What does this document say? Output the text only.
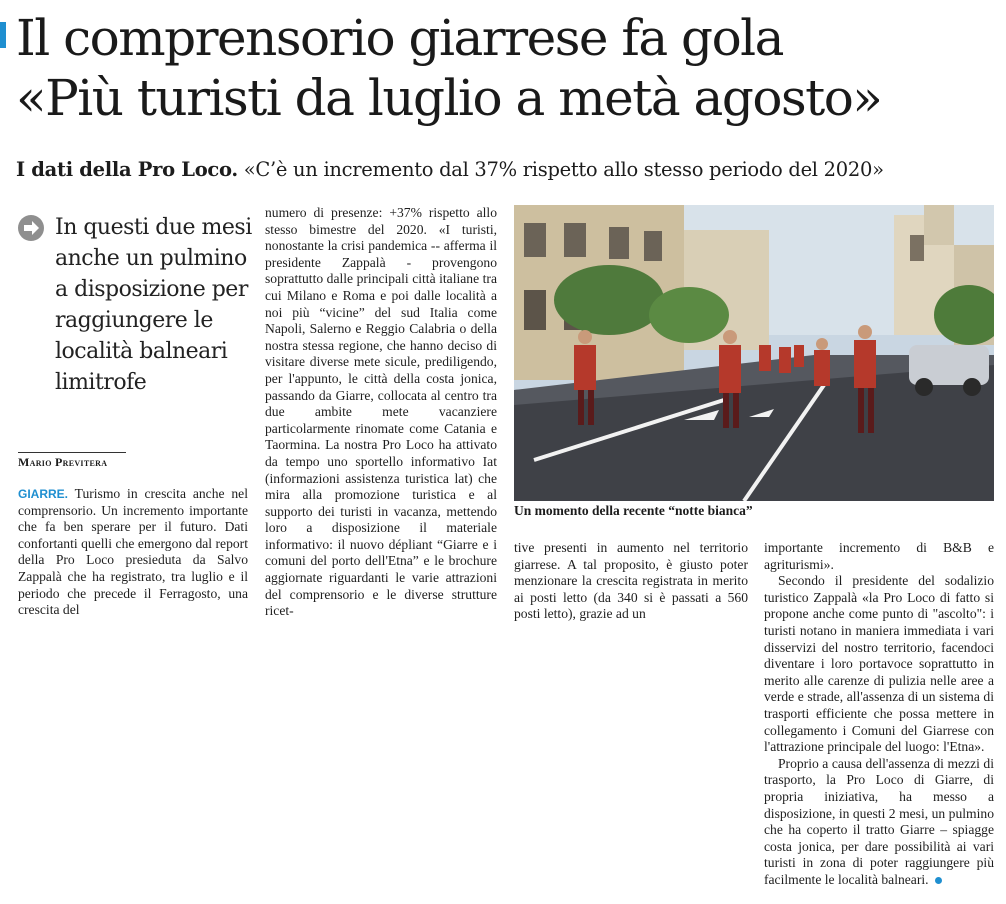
Il comprensorio giarrese fa gola
«Più turisti da luglio a metà agosto»
I dati della Pro Loco. «C’è un incremento dal 37% rispetto allo stesso periodo del 2020»
In questi due mesi anche un pulmino a disposizione per raggiungere le località balneari limitrofe
Mario Previtera

GIARRE. Turismo in crescita anche nel comprensorio. Un incremento importante che fa ben sperare per il futuro. Dati confortanti quelli che emergono dal report della Pro Loco presieduta da Salvo Zappalà che ha registrato, tra luglio e il periodo che precede il Ferragosto, una crescita del

numero di presenze: +37% rispetto allo stesso bimestre del 2020. «I turisti, nonostante la crisi pandemica -- afferma il presidente Zappalà - provengono soprattutto dalle principali città italiane tra cui Milano e Roma e poi dalle località a noi più “vicine” del sud Italia come Napoli, Salerno e Reggio Calabria o della nostra stessa regione, che hanno deciso di visitare diverse mete sicule, prediligendo, per l'appunto, le città della costa jonica, passando da Giarre, collocata al centro tra due ambite mete vacanziere particolarmente rinomate come Catania e Taormina. La nostra Pro Loco ha attivato da tempo uno sportello informativo Iat (informazioni assistenza turistica lat) che mira alla promozione turistica e al supporto dei turisti in vacanza, mettendo loro a disposizione il materiale informativo: il nuovo dépliant “Giarre e i comuni del porto dell'Etna” e le brochure aggiornate riguardanti le varie attrazioni del comprensorio e le diverse strutture ricet-

Un momento della recente “notte bianca”

tive presenti in aumento nel territorio giarrese. A tal proposito, è giusto poter menzionare la crescita registrata in merito ai posti letto (da 340 si è passati a 560 posti letto), grazie ad un

importante incremento di B&B e agriturismi».

Secondo il presidente del sodalizio turistico Zappalà «la Pro Loco di fatto si propone anche come punto di "ascolto": i turisti notano in maniera immediata i vari disservizi del nostro territorio, facendoci diventare i loro portavoce soprattutto in merito alle carenze di pulizia nelle aree a verde e strade, all'assenza di un sistema di trasporti efficiente che possa mettere in collegamento i Comuni del Giarrese con l'attrazione principale del luogo: l'Etna».

Proprio a causa dell'assenza di mezzi di trasporto, la Pro Loco di Giarre, di propria iniziativa, ha messo a disposizione, in questi 2 mesi, un pulmino che ha coperto il tratto Giarre – spiagge costa jonica, per dare possibilità ai vari turisti in zona di poter raggiungere più facilmente le località balneari.
